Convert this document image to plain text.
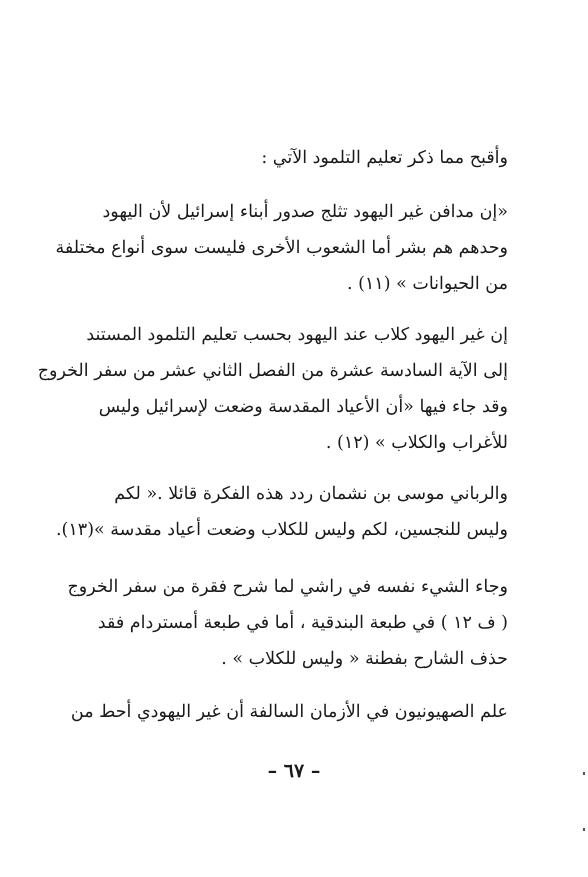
وأقبح مما ذكر تعليم التلمود الآتي :

«إن مدافن غير اليهود تثلج صدور أبناء إسرائيل لأن اليهود
وحدهم هم بشر أما الشعوب الأخرى فليست سوى أنواع مختلفة
من الحيوانات » (١١) .

إن غير اليهود كلاب عند اليهود بحسب تعليم التلمود المستند
إلى الآية السادسة عشرة من الفصل الثاني عشر من سفر الخروج
وقد جاء فيها «أن الأعياد المقدسة وضعت لإسرائيل وليس
للأغراب والكلاب » (١٢) .

والرباني موسى بن نشمان ردد هذه الفكرة قائلا .« لكم
وليس للنجسين، لكم وليس للكلاب وضعت أعياد مقدسة »(١٣).

وجاء الشيء نفسه في راشي لما شرح فقرة من سفر الخروج
( ف ١٢ ) في طبعة البندقية ، أما في طبعة أمستردام فقد
حذف الشارح بفطنة « وليس للكلاب » .

علم الصهيونيون في الأزمان السالفة أن غير اليهودي أحط من

– ٦٧ –
